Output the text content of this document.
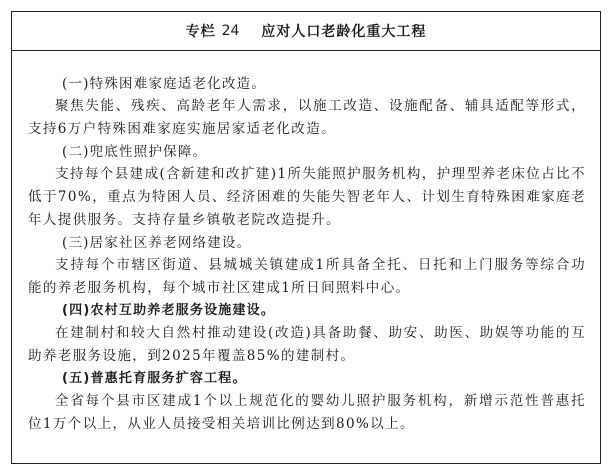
专栏 24 应对人口老龄化重大工程

(一)特殊困难家庭适老化改造。

聚焦失能、残疾、高龄老年人需求，以施工改造、设施配备、辅具适配等形式，支持6万户特殊困难家庭实施居家适老化改造。

(二)兜底性照护保障。

支持每个县建成(含新建和改扩建)1所失能照护服务机构，护理型养老床位占比不低于70%，重点为特困人员、经济困难的失能失智老年人、计划生育特殊困难家庭老年人提供服务。支持存量乡镇敬老院改造提升。

(三)居家社区养老网络建设。

支持每个市辖区街道、县城城关镇建成1所具备全托、日托和上门服务等综合功能的养老服务机构，每个城市社区建成1所日间照料中心。

(四)农村互助养老服务设施建设。

在建制村和较大自然村推动建设(改造)具备助餐、助安、助医、助娱等功能的互助养老服务设施，到2025年覆盖85%的建制村。

(五)普惠托育服务扩容工程。

全省每个县市区建成1个以上规范化的婴幼儿照护服务机构，新增示范性普惠托位1万个以上，从业人员接受相关培训比例达到80%以上。
